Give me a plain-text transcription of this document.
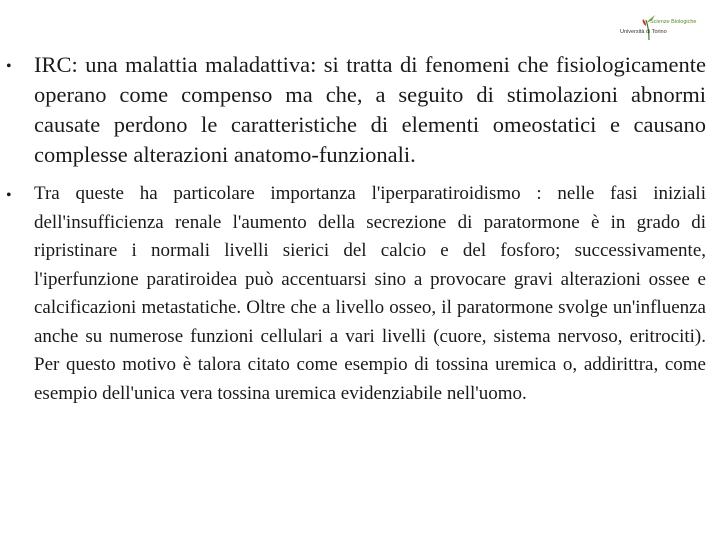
Università di Torino
Scienze Biologiche
• IRC: una malattia maladattiva: si tratta di fenomeni che fisiologicamente operano come compenso ma che, a seguito di stimolazioni abnormi causate perdono le caratteristiche di elementi omeostatici e causano complesse alterazioni anatomo-funzionali.
• Tra queste ha particolare importanza l'iperparatiroidismo : nelle fasi iniziali dell'insufficienza renale l'aumento della secrezione di paratormone è in grado di ripristinare i normali livelli sierici del calcio e del fosforo; successivamente, l'iperfunzione paratiroidea può accentuarsi sino a provocare gravi alterazioni ossee e calcificazioni metastatiche. Oltre che a livello osseo, il paratormone svolge un'influenza anche su numerose funzioni cellulari a vari livelli (cuore, sistema nervoso, eritrociti). Per questo motivo è talora citato come esempio di tossina uremica o, addirittra, come esempio dell'unica vera tossina uremica evidenziabile nell'uomo.
